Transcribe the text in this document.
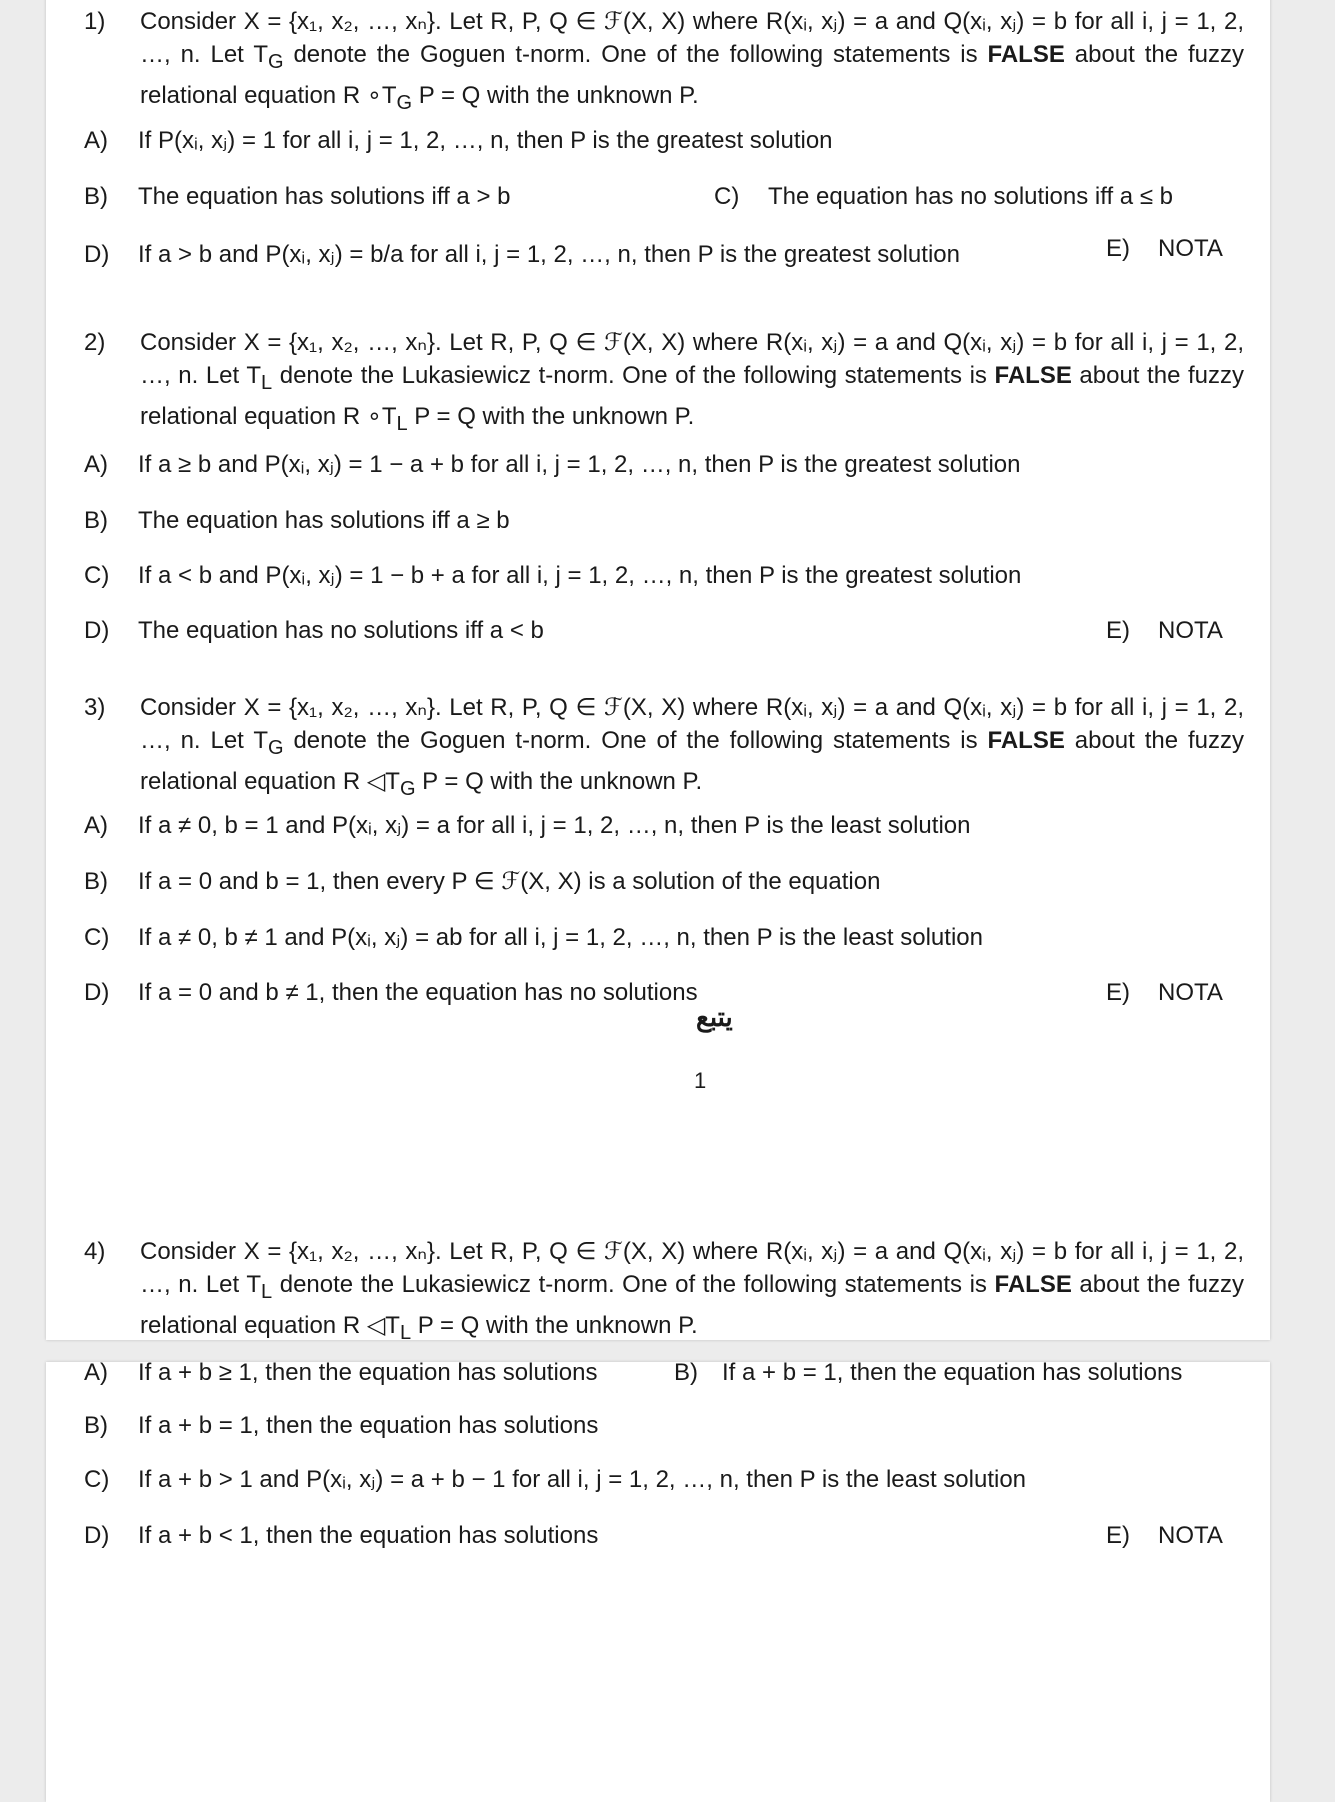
1) Consider X = {x₁, x₂, …, xₙ}. Let R, P, Q ∈ ℱ(X, X) where R(xᵢ, xⱼ) = a and Q(xᵢ, xⱼ) = b for all i, j = 1, 2, …, n. Let $T_G$ denote the Goguen t-norm. One of the following statements is FALSE about the fuzzy relational equation R $\circ T_G$ P = Q with the unknown P.
A) If P(xᵢ, xⱼ) = 1 for all i, j = 1, 2, …, n, then P is the greatest solution
B) The equation has solutions iff a > b	C) The equation has no solutions iff a ≤ b
D) If a > b and P(xᵢ, xⱼ) = b/a for all i, j = 1, 2, …, n, then P is the greatest solution	E) NOTA
2) Consider X = {x₁, x₂, …, xₙ}. Let R, P, Q ∈ ℱ(X, X) where R(xᵢ, xⱼ) = a and Q(xᵢ, xⱼ) = b for all i, j = 1, 2, …, n. Let $T_L$ denote the Lukasiewicz t-norm. One of the following statements is FALSE about the fuzzy relational equation R $\circ T_L$ P = Q with the unknown P.
A) If a ≥ b and P(xᵢ, xⱼ) = 1 − a + b for all i, j = 1, 2, …, n, then P is the greatest solution
B) The equation has solutions iff a ≥ b
C) If a < b and P(xᵢ, xⱼ) = 1 − b + a for all i, j = 1, 2, …, n, then P is the greatest solution
D) The equation has no solutions iff a < b	E) NOTA
3) Consider X = {x₁, x₂, …, xₙ}. Let R, P, Q ∈ ℱ(X, X) where R(xᵢ, xⱼ) = a and Q(xᵢ, xⱼ) = b for all i, j = 1, 2, …, n. Let $T_G$ denote the Goguen t-norm. One of the following statements is FALSE about the fuzzy relational equation R $◁T_G$ P = Q with the unknown P.
A) If a ≠ 0, b = 1 and P(xᵢ, xⱼ) = a for all i, j = 1, 2, …, n, then P is the least solution
B) If a = 0 and b = 1, then every P ∈ ℱ(X, X) is a solution of the equation
C) If a ≠ 0, b ≠ 1 and P(xᵢ, xⱼ) = ab for all i, j = 1, 2, …, n, then P is the least solution
D) If a = 0 and b ≠ 1, then the equation has no solutions	E) NOTA
يتبع
1
4) Consider X = {x₁, x₂, …, xₙ}. Let R, P, Q ∈ ℱ(X, X) where R(xᵢ, xⱼ) = a and Q(xᵢ, xⱼ) = b for all i, j = 1, 2, …, n. Let $T_L$ denote the Lukasiewicz t-norm. One of the following statements is FALSE about the fuzzy relational equation R $◁T_L$ P = Q with the unknown P.
A) If a + b ≥ 1, then the equation has solutions	B) If a + b = 1, then the equation has solutions
B) If a + b = 1, then the equation has solutions
C) If a + b > 1 and P(xᵢ, xⱼ) = a + b − 1 for all i, j = 1, 2, …, n, then P is the least solution
D) If a + b < 1, then the equation has solutions	E) NOTA
